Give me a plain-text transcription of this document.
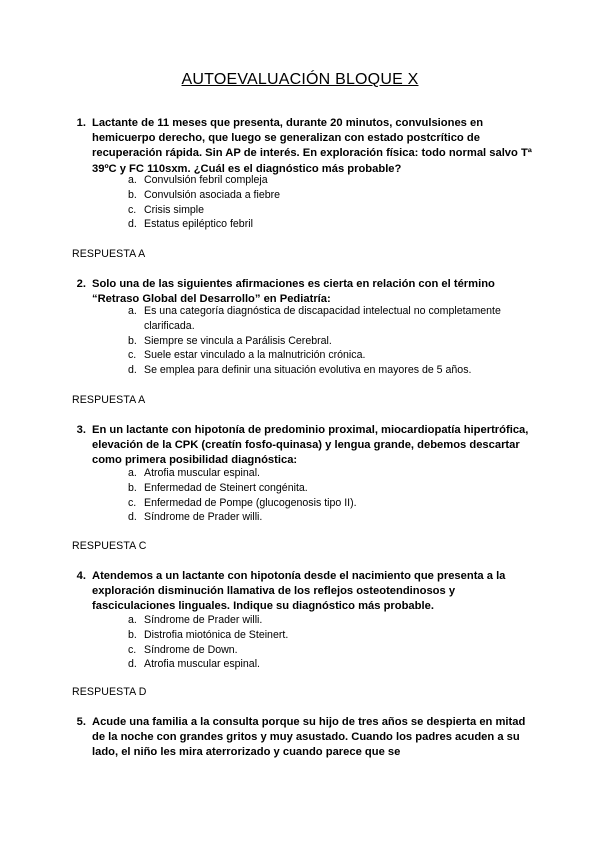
AUTOEVALUACIÓN BLOQUE X
1. Lactante de 11 meses que presenta, durante 20 minutos, convulsiones en hemicuerpo derecho, que luego se generalizan con estado postcrítico de recuperación rápida. Sin AP de interés. En exploración física: todo normal salvo Tª 39ºC y FC 110sxm. ¿Cuál es el diagnóstico más probable?
a. Convulsión febril compleja
b. Convulsión asociada a fiebre
c. Crisis simple
d. Estatus epiléptico febril
RESPUESTA A
2. Solo una de las siguientes afirmaciones es cierta en relación con el término “Retraso Global del Desarrollo” en Pediatría:
a. Es una categoría diagnóstica de discapacidad intelectual no completamente clarificada.
b. Siempre se vincula a Parálisis Cerebral.
c. Suele estar vinculado a la malnutrición crónica.
d. Se emplea para definir una situación evolutiva en mayores de 5 años.
RESPUESTA A
3. En un lactante con hipotonía de predominio proximal, miocardiopatía hipertrófica, elevación de la CPK (creatín fosfo-quinasa) y lengua grande, debemos descartar como primera posibilidad diagnóstica:
a. Atrofia muscular espinal.
b. Enfermedad de Steinert congénita.
c. Enfermedad de Pompe (glucogenosis tipo II).
d. Síndrome de Prader willi.
RESPUESTA C
4. Atendemos a un lactante con hipotonía desde el nacimiento que presenta a la exploración disminución llamativa de los reflejos osteotendinosos y fasciculaciones linguales. Indique su diagnóstico más probable.
a. Síndrome de Prader willi.
b. Distrofia miotónica de Steinert.
c. Síndrome de Down.
d. Atrofia muscular espinal.
RESPUESTA D
5. Acude una familia a la consulta porque su hijo de tres años se despierta en mitad de la noche con grandes gritos y muy asustado. Cuando los padres acuden a su lado, el niño les mira aterrorizado y cuando parece que se
